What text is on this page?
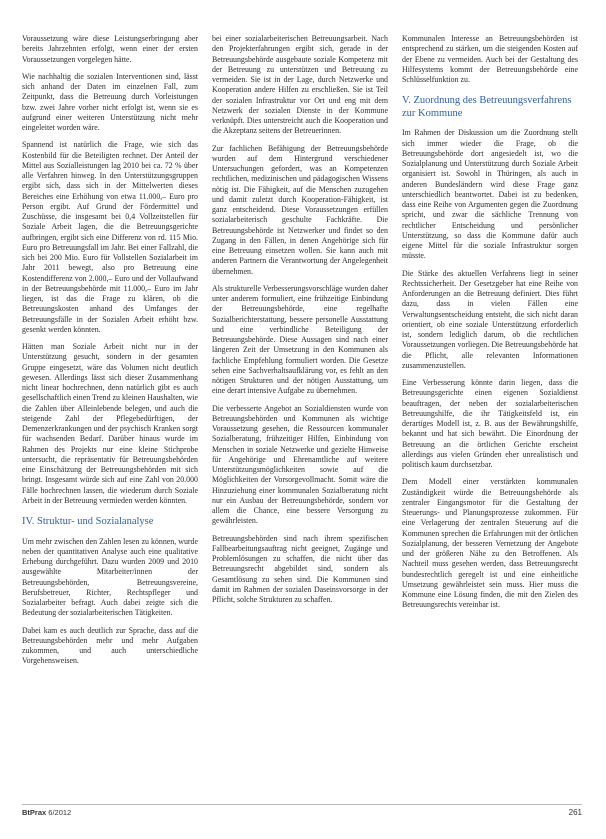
Voraussetzung wäre diese Leistungserbringung aber bereits Jahrzehnten erfolgt, wenn einer der ersten Voraussetzungen vorgelegen hätte.

Wie nachhaltig die sozialen Interventionen sind, lässt sich anhand der Daten im einzelnen Fall, zum Zeitpunkt, dass die Betreuung durch Vorleistungen bzw. zwei Jahre vorher nicht erfolgt ist, wenn sie es aufgrund einer weiteren Unterstützung nicht mehr eingeleitet worden wäre.

Spannend ist natürlich die Frage, wie sich das Kostenbild für die Beteiligten rechnet. Der Anteil der Mittel aus Sozialleistungen lag 2010 bei ca. 72 % über alle Verfahren hinweg. In den Unterstützungsgruppen ergibt sich, dass sich in der Mittelwerten dieses Bereiches eine Erhöhung von etwa 11.000,– Euro pro Person ergibt. Auf Grund der Fördermittel und Zuschüsse, die insgesamt bei 0,4 Vollzeitstellen für Soziale Arbeit lagen, die die Betreuungsgerichte aufbringen, ergibt sich eine Differenz von rd. 115 Mio. Euro pro Betreuungsfall im Jahr. Bei einer Fallzahl, die sich bei 200 Mio. Euro für Vollstellen Sozialarbeit im Jahr 2011 bewegt, also pro Betreuung eine Kostendifferenz von 2.000,– Euro und der Vollaufwand in der Betreuungsbehörde mit 11.000,– Euro im Jahr liegen, ist das die Frage zu klären, ob die Betreuungskosten anhand des Umfanges der Betreuungsfälle in der Sozialen Arbeit erhöht bzw. gesenkt werden könnten.

Hätten man Soziale Arbeit nicht nur in der Unterstützung gesucht, sondern in der gesamten Gruppe eingesetzt, wäre das Volumen nicht deutlich gewesen. Allerdings lässt sich dieser Zusammenhang nicht linear hochrechnen, denn natürlich gibt es auch gesellschaftlich einen Trend zu kleinen Haushalten, wie die Zahlen über Alleinlebende belegen, und auch die steigende Zahl der Pflegebedürftigen, der Demenzerkrankungen und der psychisch Kranken sorgt für wachsenden Bedarf. Darüber hinaus wurde im Rahmen des Projekts nur eine kleine Stichprobe untersucht, die repräsentativ für Betreuungsbehörden eine Einschätzung der Betreuungsbehörden mit sich bringt. Insgesamt würde sich auf eine Zahl von 20.000 Fälle hochrechnen lassen, die wiederum durch Soziale Arbeit in der Betreuung vermieden werden könnten.

IV. Struktur- und Sozialanalyse

Um mehr zwischen den Zahlen lesen zu können, wurde neben der quantitativen Analyse auch eine qualitative Erhebung durchgeführt. Dazu wurden 2009 und 2010 ausgewählte Mitarbeiter/innen der Betreuungsbehörden, Betreuungsvereine, Berufsbetreuer, Richter, Rechtspfleger und Sozialarbeiter befragt. Auch dabei zeigte sich die Bedeutung der sozialarbeiterischen Tätigkeiten.

Dabei kam es auch deutlich zur Sprache, dass auf die Betreuungsbehörden mehr und mehr Aufgaben zukommen, und auch unterschiedliche Vorgehensweisen.

bei einer sozialarbeiterischen Betreuungsarbeit. Nach den Projekterfahrungen ergibt sich, gerade in der Betreuungsbehörde ausgebaute soziale Kompetenz mit der Betreuung zu unterstützen und Betreuung zu vermeiden. Sie ist in der Lage, durch Netzwerke und Kooperation andere Hilfen zu erschließen. Sie ist Teil der sozialen Infrastruktur vor Ort und eng mit dem Netzwerk der sozialen Dienste in der Kommune verknüpft. Dies unterstreicht auch die Kooperation und die Akzeptanz seitens der Betreuerinnen.

Zur fachlichen Befähigung der Betreuungsbehörde wurden auf dem Hintergrund verschiedener Untersuchungen gefordert, was an Kompetenzen rechtlichen, medizinischen und pädagogischen Wissens nötig ist. Die Fähigkeit, auf die Menschen zuzugehen und damit zuletzt durch Kooperation-Fähigkeit, ist ganz entscheidend. Diese Voraussetzungen erfüllen sozialarbeiterisch geschulte Fachkräfte. Die Betreuungsbehörde ist Netzwerker und findet so den Zugang in den Fällen, in denen Angehörige sich für eine Betreuung einsetzen wollen. Sie kann auch mit anderen Partnern die Verantwortung der Angelegenheit übernehmen.

Als strukturelle Verbesserungsvorschläge wurden daher unter anderem formuliert, eine frühzeitige Einbindung der Betreuungsbehörde, eine regelhafte Sozialberichterstattung, bessere personelle Ausstattung und eine verbindliche Beteiligung der Betreuungsbehörde. Diese Aussagen sind nach einer längeren Zeit der Umsetzung in den Kommunen als fachliche Empfehlung formuliert worden. Die Gesetze sehen eine Sachverhaltsaufklärung vor, es fehlt an den nötigen Strukturen und der nötigen Ausstattung, um eine derart intensive Aufgabe zu übernehmen.

Die verbesserte Angebot an Sozialdiensten wurde von Betreuungsbehörden und Kommunen als wichtige Voraussetzung gesehen, die Ressourcen kommunaler Sozialberatung, frühzeitiger Hilfen, Einbindung von Menschen in soziale Netzwerke und gezielte Hinweise für Angehörige und Ehrenamtliche auf weitere Unterstützungsmöglichkeiten sowie auf die Möglichkeiten der Vorsorgevollmacht. Somit wäre die Hinzuziehung einer kommunalen Sozialberatung nicht nur ein Ausbau der Betreuungsbehörde, sondern vor allem die Chance, eine bessere Versorgung zu gewährleisten.

Betreuungsbehörden sind nach ihrem spezifischen Fallbearbeitungsauftrag nicht geeignet, Zugänge und Problemlösungen zu schaffen, die nicht über das Betreuungsrecht abgebildet sind, sondern als Gesamtlösung zu sehen sind. Die Kommunen sind damit im Rahmen der sozialen Daseinsvorsorge in der Pflicht, solche Strukturen zu schaffen.

Kommunalen Interesse an Betreuungsbehörden ist entsprechend zu stärken, um die steigenden Kosten auf der Ebene zu vermeiden. Auch bei der Gestaltung des Hilfesystems kommt der Betreuungsbehörde eine Schlüsselfunktion zu.

V. Zuordnung des Betreuungsverfahrens zur Kommune

Im Rahmen der Diskussion um die Zuordnung stellt sich immer wieder die Frage, ob die Betreuungsbehörde dort angesiedelt ist, wo die Sozialplanung und Unterstützung durch Soziale Arbeit organisiert ist. Sowohl in Thüringen, als auch in anderen Bundesländern wird diese Frage ganz unterschiedlich beantwortet. Dabei ist zu bedenken, dass eine Reihe von Argumenten gegen die Zuordnung spricht, und zwar die sächliche Trennung von rechtlicher Entscheidung und persönlicher Unterstützung, so dass die Kommune dafür auch eigene Mittel für die soziale Infrastruktur sorgen müsste.

Die Stärke des aktuellen Verfahrens liegt in seiner Rechtssicherheit. Der Gesetzgeber hat eine Reihe von Anforderungen an die Betreuung definiert. Dies führt dazu, dass in vielen Fällen eine Verwaltungsentscheidung entsteht, die sich nicht daran orientiert, ob eine soziale Unterstützung erforderlich ist, sondern lediglich darum, ob die rechtlichen Voraussetzungen vorliegen. Die Betreuungsbehörde hat die Pflicht, alle relevanten Informationen zusammenzustellen.

Eine Verbesserung könnte darin liegen, dass die Betreuungsgerichte einen eigenen Sozialdienst beauftragen, der neben der sozialarbeiterischen Betreuungshilfe, die ihr Tätigkeitsfeld ist, ein derartiges Modell ist, z. B. aus der Bewährungshilfe, bekannt und hat sich bewährt. Die Einordnung der Betreuung an die örtlichen Gerichte erscheint allerdings aus vielen Gründen eher unrealistisch und politisch kaum durchsetzbar.

Dem Modell einer verstärkten kommunalen Zuständigkeit würde die Betreuungsbehörde als zentraler Eingangsmotor für die Gestaltung der Steuerungs- und Planungsprozesse zukommen. Für eine Verlagerung der zentralen Steuerung auf die Kommunen sprechen die Erfahrungen mit der örtlichen Sozialplanung, der besseren Vernetzung der Angebote und der größeren Nähe zu den Betroffenen. Als Nachteil muss gesehen werden, dass Betreuungsrecht bundesrechtlich geregelt ist und eine einheitliche Umsetzung gewährleistet sein muss. Hier muss die Kommune eine Lösung finden, die mit den Zielen des Betreuungsrechts vereinbar ist.

BtPrax 6/2012	261
